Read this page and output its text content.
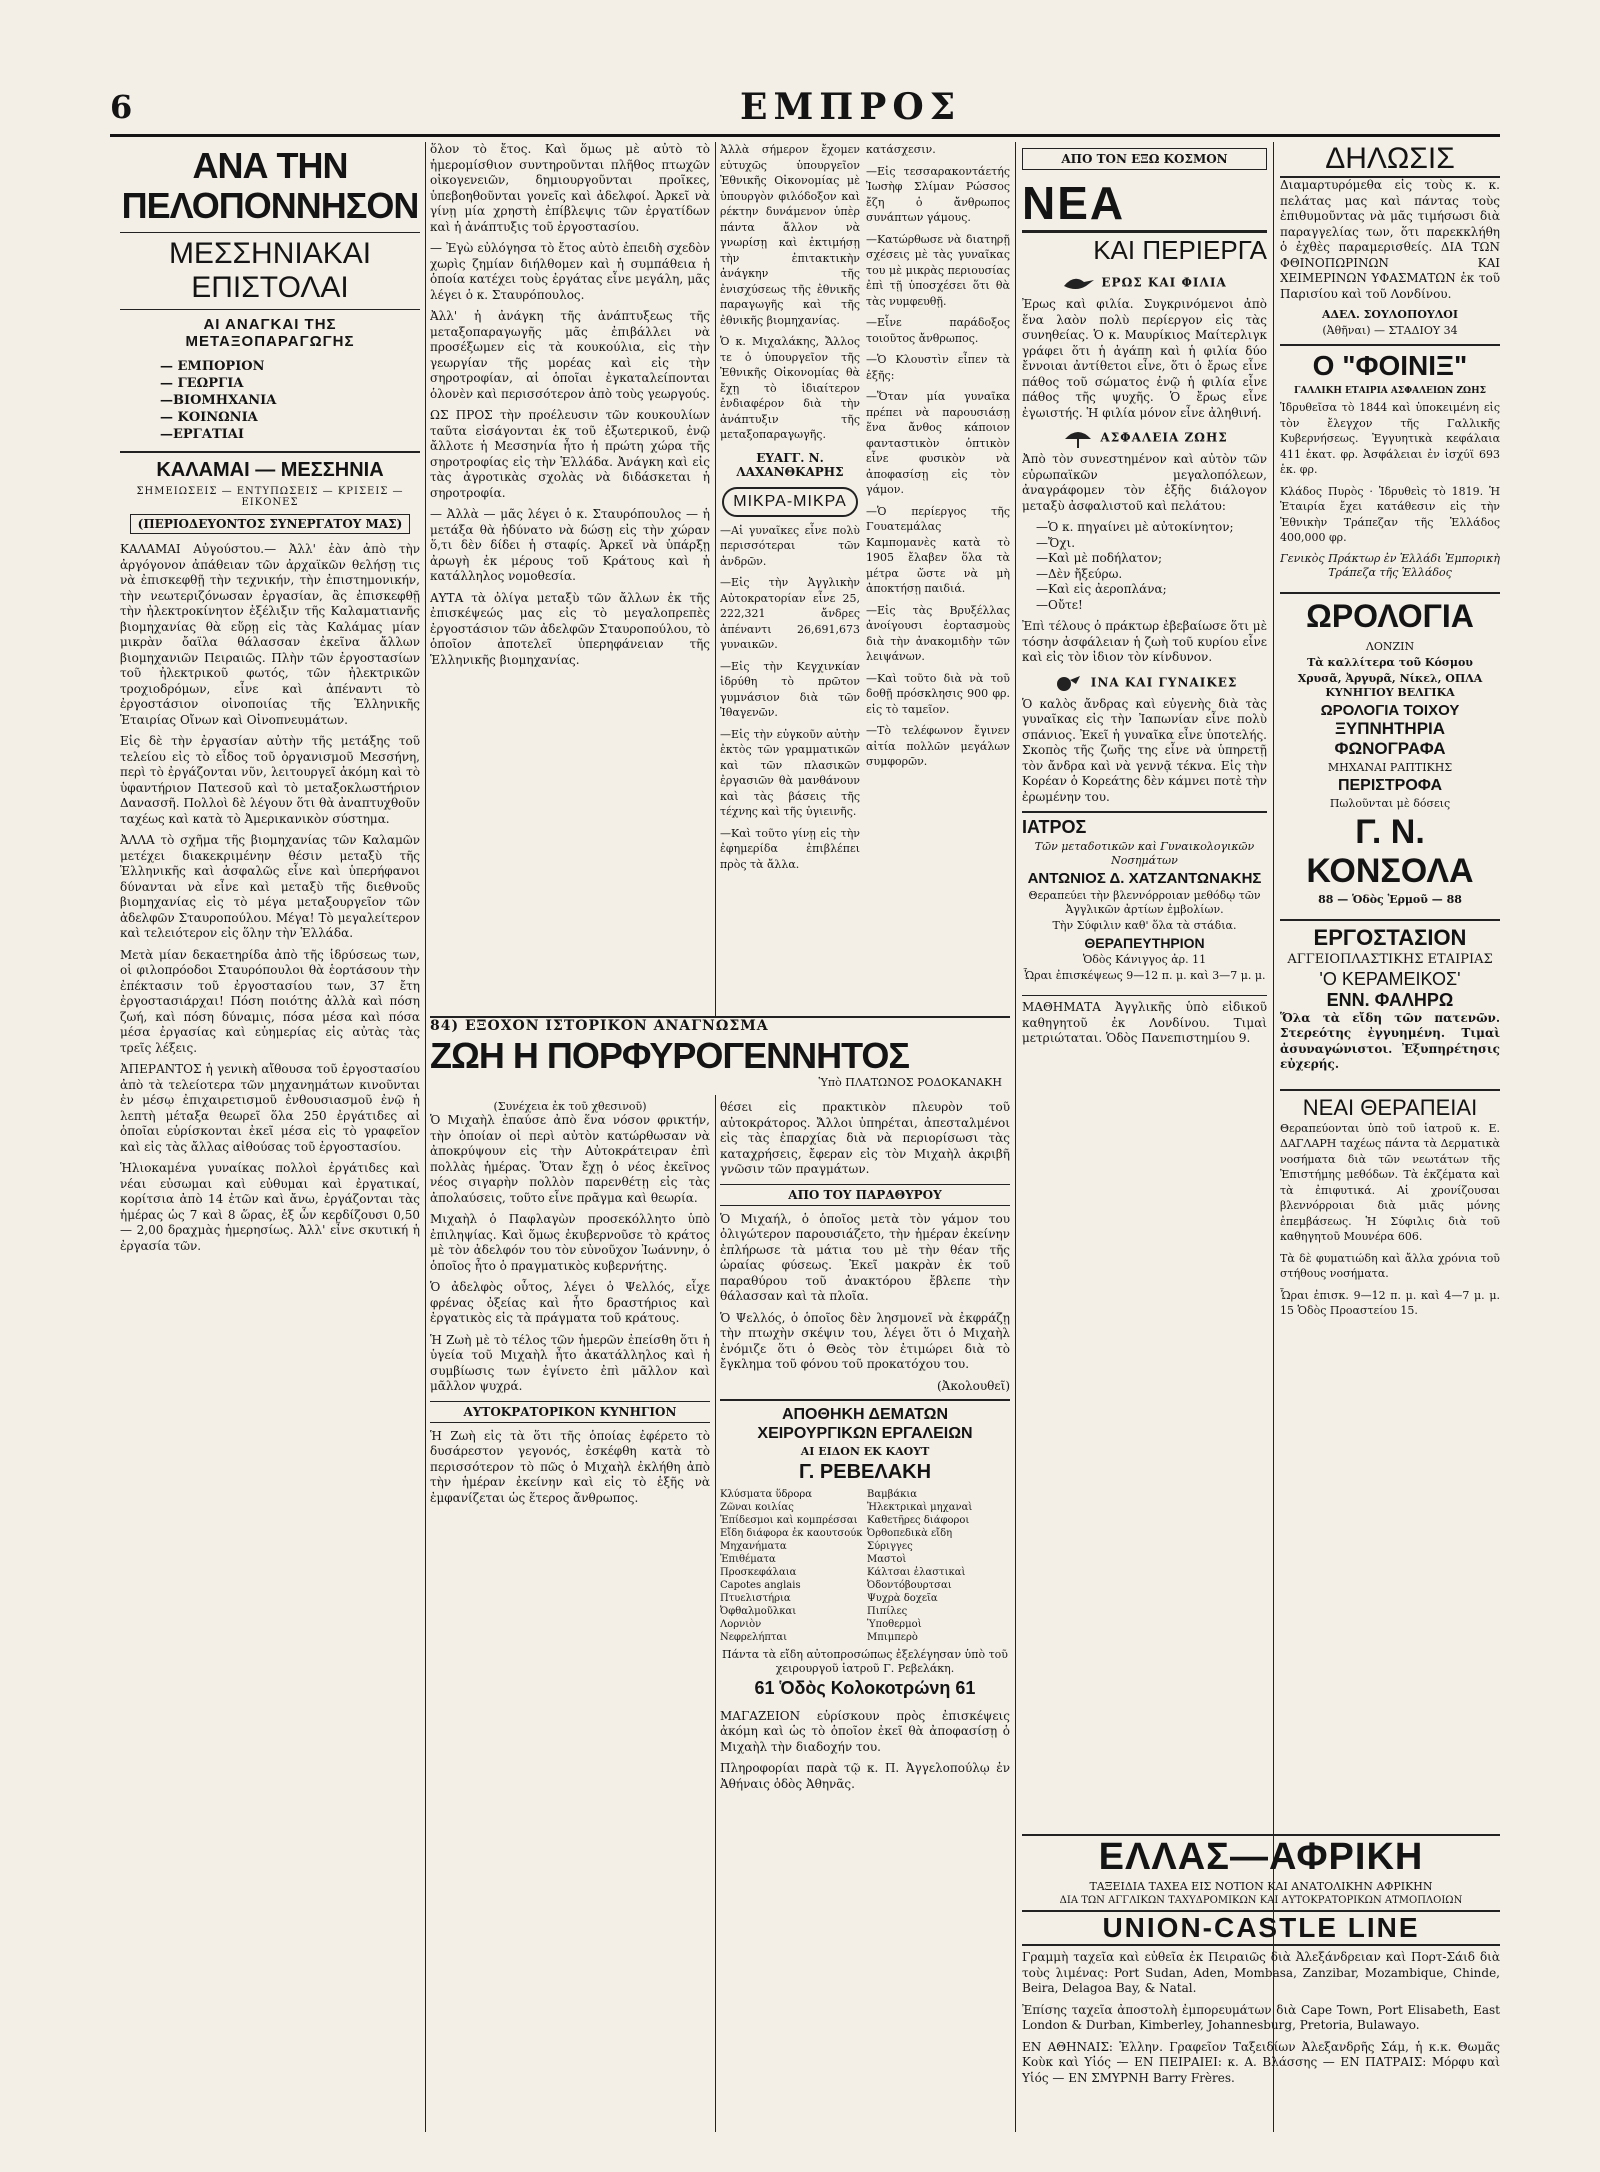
6	ΕΜΠΡΟΣ
ΑΝΑ ΤΗΝ ΠΕΛΟΠΟΝΝΗΣΟΝ
ΜΕΣΣΗΝΙΑΚΑΙ ΕΠΙΣΤΟΛΑΙ
ΑΙ ΑΝΑΓΚΑΙ ΤΗΣ ΜΕΤΑΞΟΠΑΡΑΓΩΓΗΣ
— ΕΜΠΟΡΙΟΝ
— ΓΕΩΡΓΙΑ
—ΒΙΟΜΗΧΑΝΙΑ
— ΚΟΙΝΩΝΙΑ
—ΕΡΓΑΤΙΑΙ
ΚΑΛΑΜΑΙ — ΜΕΣΣΗΝΙΑ
ΣΗΜΕΙΩΣΕΙΣ — ΕΝΤΥΠΩΣΕΙΣ — ΚΡΙΣΕΙΣ — ΕΙΚΟΝΕΣ
(ΠΕΡΙΟΔΕΥΟΝΤΟΣ ΣΥΝΕΡΓΑΤΟΥ ΜΑΣ)

ΚΑΛΑΜΑΙ Αὐγούστου.— Ἀλλ' ἐὰν ἀπὸ τὴν ἀργόγονον ἀπάθειαν τῶν ἀρχαϊκῶν θελήσῃ τις νὰ ἐπισκεφθῇ τὴν τεχνικήν, τὴν ἐπιστημονικήν, τὴν νεωτεριζόνωσαν ἐργασίαν, ἂς ἐπισκεφθῇ τὴν ἠλεκτροκίνητον ἐξέλιξιν τῆς Καλαματιανῆς βιομηχανίας θὰ εὕρῃ εἰς τὰς Καλάμας μίαν μικρὰν ὄαϊλα θάλασσαν ἐκεῖνα ἄλλων βιομηχανιῶν Πειραιῶς. Πλὴν τῶν ἐργοστασίων τοῦ ἠλεκτρικοῦ φωτός, τῶν ἠλεκτρικῶν τροχιοδρόμων, εἶνε καὶ ἀπέναντι τὸ ἐργοστάσιον οἰνοποιίας τῆς Ἑλληνικῆς Ἑταιρίας Οἴνων καὶ Οἰνοπνευμάτων.

Εἰς δὲ τὴν ἐργασίαν αὐτὴν τῆς μετάξης τοῦ τελείου εἰς τὸ εἶδος τοῦ ὀργανισμοῦ Μεσσήνη, περὶ τὸ ἐργάζονται νῦν, λειτουργεῖ ἀκόμη καὶ τὸ ὑφαντήριον Πατεσοῦ καὶ τὸ μεταξοκλωστήριον Δανασσῆ. Πολλοὶ δὲ λέγουν ὅτι θὰ ἀναπτυχθοῦν ταχέως καὶ κατὰ τὸ Ἀμερικανικὸν σύστημα.

ἈΛΛΑ τὸ σχῆμα τῆς βιομηχανίας τῶν Καλαμῶν μετέχει διακεκριμένην θέσιν μεταξὺ τῆς Ἑλληνικῆς καὶ ἀσφαλῶς εἶνε καὶ ὑπερήφανοι δύνανται νὰ εἶνε καὶ μεταξὺ τῆς διεθνοῦς βιομηχανίας εἰς τὸ μέγα μεταξουργεῖον τῶν ἀδελφῶν Σταυροπούλου. Μέγα! Τὸ μεγαλείτερον καὶ τελειότερον εἰς ὅλην τὴν Ἑλλάδα.

Μετὰ μίαν δεκαετηρίδα ἀπὸ τῆς ἱδρύσεως των, οἱ φιλοπρόοδοι Σταυρόπουλοι θὰ ἑορτάσουν τὴν ἐπέκτασιν τοῦ ἐργοστασίου των, 37 ἔτη ἐργοστασιάρχαι! Πόση ποιότης ἀλλὰ καὶ πόση ζωή, καὶ πόση δύναμις, πόσα μέσα καὶ πόσα μέσα ἐργασίας καὶ εὐημερίας εἰς αὐτὰς τὰς τρεῖς λέξεις.

ἈΠΕΡΑΝΤΟΣ ἡ γενικὴ αἴθουσα τοῦ ἐργοστασίου ἀπὸ τὰ τελείοτερα τῶν μηχανημάτων κινοῦνται ἐν μέσῳ ἐπιχαιρετισμοῦ ἐνθουσιασμοῦ ἐνῷ ἡ λεπτὴ μέταξα θεωρεῖ ὅλα 250 ἐργάτιδες αἱ ὁποῖαι εὑρίσκονται ἐκεῖ μέσα εἰς τὸ γραφεῖον καὶ εἰς τὰς ἄλλας αἰθούσας τοῦ ἐργοστασίου.

Ἡλιοκαμένα γυναίκας πολλοὶ ἐργάτιδες καὶ νέαι εὐσωμαι καὶ εὐθυμαι καὶ ἐργατικαί, κορίτσια ἀπὸ 14 ἐτῶν καὶ ἄνω, ἐργάζονται τὰς ἡμέρας ὡς 7 καὶ 8 ὥρας, ἐξ ὧν κερδίζουσι 0,50 — 2,00 δραχμὰς ἡμερησίως. Ἀλλ' εἶνε σκυτική ἡ ἐργασία τῶν.

ὅλον τὸ ἔτος. Καὶ ὅμως μὲ αὐτὸ τὸ ἡμερομίσθιον συντηροῦνται πλῆθος πτωχῶν οἰκογενειῶν, δημιουργοῦνται προῖκες, ὑπεβοηθοῦνται γονεῖς καὶ ἀδελφοί. Ἀρκεῖ νὰ γίνῃ μία χρηστὴ ἐπίβλεψις τῶν ἐργατίδων καὶ ἡ ἀνάπτυξις τοῦ ἐργοστασίου.

— Ἐγὼ εὐλόγησα τὸ ἔτος αὐτὸ ἐπειδὴ σχεδὸν χωρὶς ζημίαν διήλθομεν καὶ ἡ συμπάθεια ἡ ὁποία κατέχει τοὺς ἐργάτας εἶνε μεγάλη, μᾶς λέγει ὁ κ. Σταυρόπουλος.

Ἀλλ' ἡ ἀνάγκη τῆς ἀνάπτυξεως τῆς μεταξοπαραγωγῆς μᾶς ἐπιβάλλει νὰ προσέξωμεν εἰς τὰ κουκούλια, εἰς τὴν γεωργίαν τῆς μορέας καὶ εἰς τὴν σηροτροφίαν, αἱ ὁποῖαι ἐγκαταλείπονται ὁλονὲν καὶ περισσότερον ἀπὸ τοὺς γεωργούς.

ΩΣ ΠΡΟΣ τὴν προέλευσιν τῶν κουκουλίων ταῦτα εἰσάγονται ἐκ τοῦ ἐξωτερικοῦ, ἐνῷ ἄλλοτε ἡ Μεσσηνία ἦτο ἡ πρώτη χώρα τῆς σηροτροφίας εἰς τὴν Ἑλλάδα. Ἀνάγκη καὶ εἰς τὰς ἀγροτικὰς σχολὰς νὰ διδάσκεται ἡ σηροτροφία.

— Ἀλλὰ — μᾶς λέγει ὁ κ. Σταυρόπουλος — ἡ μετάξα θὰ ἠδύνατο νὰ δώσῃ εἰς τὴν χώραν ὅ,τι δὲν δίδει ἡ σταφίς. Ἀρκεῖ νὰ ὑπάρξῃ ἀρωγὴ ἐκ μέρους τοῦ Κράτους καὶ ἡ κατάλληλος νομοθεσία.

ΑΥΤΑ τὰ ὀλίγα μεταξὺ τῶν ἄλλων ἐκ τῆς ἐπισκέψεώς μας εἰς τὸ μεγαλοπρεπὲς ἐργοστάσιον τῶν ἀδελφῶν Σταυροπούλου, τὸ ὁποῖον ἀποτελεῖ ὑπερηφάνειαν τῆς Ἑλληνικῆς βιομηχανίας.

Ἀλλὰ σήμερον ἔχομεν εὐτυχῶς ὑπουργεῖον Ἐθνικῆς Οἰκονομίας μὲ ὑπουργὸν φιλόδοξον καὶ ρέκτην δυνάμενον ὑπὲρ πάντα ἄλλον νὰ γνωρίσῃ καὶ ἐκτιμήσῃ τὴν ἐπιτακτικὴν ἀνάγκην τῆς ἐνισχύσεως τῆς ἐθνικῆς παραγωγῆς καὶ τῆς ἐθνικῆς βιομηχανίας.

Ὁ κ. Μιχαλάκης, Ἄλλος τε ὁ ὑπουργεῖον τῆς Ἐθνικῆς Οἰκονομίας θὰ ἔχῃ τὸ ἰδιαίτερον ἐνδιαφέρον διὰ τὴν ἀνάπτυξιν τῆς μεταξοπαραγωγῆς.

ΕΥΑΓΓ. Ν. ΛΑΧΑΝΘΚΑΡΗΣ
ΜΙΚΡΑ-ΜΙΚΡΑ

—Αἱ γυναῖκες εἶνε πολὺ περισσότεραι τῶν ἀνδρῶν.

—Εἰς τὴν Ἀγγλικὴν Αὐτοκρατορίαν εἶνε 25, 222,321 ἄνδρες ἀπέναντι 26,691,673 γυναικῶν.

—Εἰς τὴν Κεγχινκίαν ἰδρύθη τὸ πρῶτον γυμνάσιον διὰ τῶν Ἰθαγενῶν.

—Εἰς τὴν εὐγκοῦν αὐτὴν ἐκτὸς τῶν γραμματικῶν καὶ τῶν πλασικῶν ἐργασιῶν θὰ μανθάνουν καὶ τὰς βάσεις τῆς τέχνης καὶ τῆς ὑγιεινῆς.

—Καὶ τοῦτο γίνῃ εἰς τὴν ἐφημερίδα ἐπιβλέπει πρὸς τὰ ἄλλα.

κατάσχεσιν.

—Εἰς τεσσαρακοντάετής Ἰωσὴφ Σλίμαν Ρώσσος ἔζη ὁ ἄνθρωπος συνάπτων γάμους.

—Κατώρθωσε νὰ διατηρῇ σχέσεις μὲ τὰς γυναῖκας του μὲ μικρὰς περιουσίας ἐπὶ τῇ ὑποσχέσει ὅτι θὰ τὰς νυμφευθῇ.

—Εἶνε παράδοξος τοιοῦτος ἄνθρωπος.

—Ὁ Κλουστὶν εἶπεν τὰ ἑξῆς:

—Ὅταν μία γυναῖκα πρέπει νὰ παρουσιάσῃ ἕνα ἄνθος κάποιον φανταστικὸν ὁπτικὸν εἶνε φυσικὸν νὰ ἀποφασίσῃ εἰς τὸν γάμον.

—Ὁ περίεργος τῆς Γουατεμάλας Καμπομανὲς κατὰ τὸ 1905 ἔλαβεν ὅλα τὰ μέτρα ὥστε νὰ μὴ ἀποκτήσῃ παιδιά.

—Εἰς τὰς Βρυξέλλας ἀνοίγουσι ἑορτασμοὺς διὰ τὴν ἀνακομιδὴν τῶν λειψάνων.

—Καὶ τοῦτο διὰ νὰ τοῦ δοθῇ πρόσκλησις 900 φρ. εἰς τὸ ταμεῖον.

—Τὸ τελέφωνον ἔγινεν αἰτία πολλῶν μεγάλων συμφορῶν.

84) ΕΞΟΧΟΝ ΙΣΤΟΡΙΚΟΝ ΑΝΑΓΝΩΣΜΑ
ΖΩΗ Η ΠΟΡΦΥΡΟΓΕΝΝΗΤΟΣ
Ὑπὸ ΠΛΑΤΩΝΟΣ ΡΟΔΟΚΑΝΑΚΗ
(Συνέχεια ἐκ τοῦ χθεσινοῦ)

Ὁ Μιχαὴλ ἐπαύσε ἀπὸ ἕνα νόσον φρικτήν, τὴν ὁποίαν οἱ περὶ αὐτὸν κατώρθωσαν νὰ ἀποκρύψουν εἰς τὴν Αὐτοκράτειραν ἐπὶ πολλὰς ἡμέρας. Ὅταν ἔχῃ ὁ νέος ἐκεῖνος νέος σιγαρὴν πολλὸν παρενθέτῃ εἰς τὰς ἀπολαύσεις, τοῦτο εἶνε πρᾶγμα καὶ θεωρία.

Μιχαὴλ ὁ Παφλαγὼν προσεκόλλητο ὑπὸ ἐπιληψίας. Καὶ ὅμως ἐκυβερνοῦσε τὸ κράτος μὲ τὸν ἀδελφόν του τὸν εὐνοῦχον Ἰωάννην, ὁ ὁποῖος ἦτο ὁ πραγματικὸς κυβερνήτης.

Ὁ ἀδελφὸς οὗτος, λέγει ὁ Ψελλός, εἶχε φρένας ὀξείας καὶ ἦτο δραστήριος καὶ ἐργατικὸς εἰς τὰ πράγματα τοῦ κράτους.

Ἡ Ζωὴ μὲ τὸ τέλος τῶν ἡμερῶν ἐπείσθη ὅτι ἡ ὑγεία τοῦ Μιχαὴλ ἦτο ἀκατάλληλος καὶ ἡ συμβίωσις των ἐγίνετο ἐπὶ μᾶλλον καὶ μᾶλλον ψυχρά.

ΑΥΤΟΚΡΑΤΟΡΙΚΟΝ ΚΥΝΗΓΙΟΝ

Ἡ Ζωὴ εἰς τὰ ὅτι τῆς ὁποίας ἐφέρετο τὸ δυσάρεστον γεγονός, ἐσκέφθη κατὰ τὸ περισσότερον τὸ πῶς ὁ Μιχαὴλ ἐκλήθη ἀπὸ τὴν ἡμέραν ἐκείνην καὶ εἰς τὸ ἑξῆς νὰ ἐμφανίζεται ὡς ἕτερος ἄνθρωπος.

θέσει εἰς πρακτικὸν πλευρὸν τοῦ αὐτοκράτορος. Ἄλλοι ὑπηρέται, ἀπεσταλμένοι εἰς τὰς ἐπαρχίας διὰ νὰ περιορίσωσι τὰς καταχρήσεις, ἔφεραν εἰς τὸν Μιχαὴλ ἀκριβῆ γνῶσιν τῶν πραγμάτων.

ΑΠΟ ΤΟΥ ΠΑΡΑΘΥΡΟΥ

Ὁ Μιχαήλ, ὁ ὁποῖος μετὰ τὸν γάμον του ὀλιγώτερον παρουσιάζετο, τὴν ἡμέραν ἐκείνην ἐπλήρωσε τὰ μάτια του μὲ τὴν θέαν τῆς ὡραίας φύσεως. Ἐκεῖ μακρὰν ἐκ τοῦ παραθύρου τοῦ ἀνακτόρου ἔβλεπε τὴν θάλασσαν καὶ τὰ πλοῖα.

Ὁ Ψελλός, ὁ ὁποῖος δὲν λησμονεῖ νὰ ἐκφράζῃ τὴν πτωχὴν σκέψιν του, λέγει ὅτι ὁ Μιχαὴλ ἐνόμιζε ὅτι ὁ Θεὸς τὸν ἐτιμώρει διὰ τὸ ἔγκλημα τοῦ φόνου τοῦ προκατόχου του.

(Ἀκολουθεῖ)
ΑΠΟΘΗΚΗ ΔΕΜΑΤΩΝ ΧΕΙΡΟΥΡΓΙΚΩΝ ΕΡΓΑΛΕΙΩΝ
ΑΙ ΕΙΔΟΝ ΕΚ ΚΑΟΥΤ
Γ. ΡΕΒΕΛΑΚΗ
Κλύσματα ὕδρορα
Ζῶναι κοιλίας
Ἐπίδεσμοι καὶ κομπρέσσαι
Εἴδη διάφορα ἐκ καουτσούκ
Μηχανήματα
Ἐπιθέματα
Προσκεφάλαια
Capotes anglais
Πτυελιστήρια
Ὀφθαλμοῦλκαι
Λορνιὸν
Νεφρελήπται
Βαμβάκια
Ἠλεκτρικαὶ μηχαναὶ
Καθετῆρες διάφοροι
Ὀρθοπεδικὰ εἴδη
Σύριγγες
Μαστοὶ
Κάλτσαι ἐλαστικαὶ
Ὀδοντόβουρτσαι
Ψυχρὰ δοχεῖα
Πιπίλες
Ὑποθερμοὶ
Μπιμπερὸ
Πάντα τὰ εἴδη αὐτοπροσώπως ἐξελέγησαν ὑπὸ τοῦ χειρουργοῦ ἰατροῦ Γ. Ρεβελάκη.
61 Ὁδὸς Κολοκοτρώνη 61

ΜΑΓΑΖΕΙΟΝ εὑρίσκουν πρὸς ἐπισκέψεις ἀκόμη καὶ ὡς τὸ ὁποῖον ἐκεῖ θὰ ἀποφασίσῃ ὁ Μιχαὴλ τὴν διαδοχήν του.

Πληροφορίαι παρὰ τῷ κ. Π. Ἀγγελοπούλῳ ἐν Ἀθήναις ὁδὸς Ἀθηνᾶς.

ΑΠΟ ΤΟΝ ΕΞΩ ΚΟΣΜΟΝ
ΝΕΑ
ΚΑΙ ΠΕΡΙΕΡΓΑ
ΕΡΩΣ ΚΑΙ ΦΙΛΙΑ

Ἐρως καὶ φιλία. Συγκρινόμενοι ἀπὸ ἕνα λαὸν πολὺ περίεργον εἰς τὰς συνηθείας. Ὁ κ. Μαυρίκιος Μαίτερλιγκ γράφει ὅτι ἡ ἀγάπη καὶ ἡ φιλία δύο ἔννοιαι ἀντίθετοι εἶνε, ὅτι ὁ ἔρως εἶνε πάθος τοῦ σώματος ἐνῷ ἡ φιλία εἶνε πάθος τῆς ψυχῆς. Ὁ ἔρως εἶνε ἐγωιστής. Ἡ φιλία μόνον εἶνε ἀληθινή.

ΑΣΦΑΛΕΙΑ ΖΩΗΣ

Ἀπὸ τὸν συνεστημένον καὶ αὐτὸν τῶν εὐρωπαϊκῶν μεγαλοπόλεων, ἀναγράφομεν τὸν ἑξῆς διάλογον μεταξὺ ἀσφαλιστοῦ καὶ πελάτου:

—Ὁ κ. πηγαίνει μὲ αὐτοκίνητον;
—Ὄχι.
—Καὶ μὲ ποδήλατον;
—Δὲν ἤξεύρω.
—Καὶ εἰς ἀεροπλάνα;
—Οὔτε!

Ἐπὶ τέλους ὁ πράκτωρ ἐβεβαίωσε ὅτι μὲ τόσην ἀσφάλειαν ἡ ζωὴ τοῦ κυρίου εἶνε καὶ εἰς τὸν ἰδιον τὸν κίνδυνον.

ΙΝΑ ΚΑΙ ΓΥΝΑΙΚΕΣ

Ὁ καλὸς ἄνδρας καὶ εὐγενὴς διὰ τὰς γυναῖκας εἰς τὴν Ἰαπωνίαν εἶνε πολὺ σπάνιος. Ἐκεῖ ἡ γυναῖκα εἶνε ὑποτελής. Σκοπὸς τῆς ζωῆς της εἶνε νὰ ὑπηρετῇ τὸν ἄνδρα καὶ νὰ γεννᾷ τέκνα. Εἰς τὴν Κορέαν ὁ Κορεάτης δὲν κάμνει ποτὲ τὴν ἐρωμένην του.

ΙΑΤΡΟΣ
Τῶν μεταδοτικῶν καὶ Γυναικολογικῶν Νοσημάτων
ΑΝΤΩΝΙΟΣ Δ. ΧΑΤΖΑΝΤΩΝΑΚΗΣ
Θεραπεύει τὴν βλεννόρροιαν μεθόδῳ τῶν Ἀγγλικῶν ἀρτίων ἐμβολίων.
Τὴν Σύφιλιν καθ' ὅλα τὰ στάδια.
ΘΕΡΑΠΕΥΤΗΡΙΟΝ
Ὁδὸς Κάνιγγος ἀρ. 11
Ὧραι ἐπισκέψεως 9—12 π. μ. καὶ 3—7 μ. μ.

ΜΑΘΗΜΑΤΑ Ἀγγλικῆς ὑπὸ εἰδικοῦ καθηγητοῦ ἐκ Λονδίνου. Τιμαὶ μετριώταται. Ὁδὸς Πανεπιστημίου 9.

ΔΗΛΩΣΙΣ

Διαμαρτυρόμεθα εἰς τοὺς κ. κ. πελάτας μας καὶ πάντας τοὺς ἐπιθυμοῦντας νὰ μᾶς τιμήσωσι διὰ παραγγελίας των, ὅτι παρεκκλήθη ὁ ἐχθὲς παραμερισθείς. ΔΙΑ ΤΩΝ ΦΘΙΝΟΠΩΡΙΝΩΝ ΚΑΙ ΧΕΙΜΕΡΙΝΩΝ ΥΦΑΣΜΑΤΩΝ ἐκ τοῦ Παρισίου καὶ τοῦ Λονδίνου.

ΑΔΕΛ. ΣΟΥΛΟΠΟΥΛΟΙ
(Ἀθῆναι) — ΣΤΑΔΙΟΥ 34
Ο "ΦΟΙΝΙΞ"
ΓΑΛΛΙΚΗ ΕΤΑΙΡΙΑ ΑΣΦΑΛΕΙΩΝ ΖΩΗΣ

Ἱδρυθεῖσα τὸ 1844 καὶ ὑποκειμένη εἰς τὸν ἔλεγχον τῆς Γαλλικῆς Κυβερνήσεως. Ἐγγυητικὰ κεφάλαια 411 ἑκατ. φρ. Ἀσφάλειαι ἐν ἰσχύϊ 693 ἑκ. φρ.

Κλάδος Πυρὸς · Ἱδρυθεὶς τὸ 1819. Ἡ Ἑταιρία ἔχει κατάθεσιν εἰς τὴν Ἐθνικὴν Τράπεζαν τῆς Ἑλλάδος 400,000 φρ.

Γενικὸς Πράκτωρ ἐν Ἑλλάδι Ἐμπορικὴ Τράπεζα τῆς Ἑλλάδος
ΩΡΟΛΟΓΙΑ ΛΟΝΖΙΝ
Τὰ καλλίτερα τοῦ Κόσμου
Χρυσᾶ, Ἀργυρᾶ, Νίκελ, ΟΠΛΑ ΚΥΝΗΓΙΟΥ ΒΕΛΓΙΚΑ
ΩΡΟΛΟΓΙΑ ΤΟΙΧΟΥ
ΞΥΠΝΗΤΗΡΙΑ
ΦΩΝΟΓΡΑΦΑ
ΜΗΧΑΝΑΙ ΡΑΠΤΙΚΗΣ
ΠΕΡΙΣΤΡΟΦΑ
Πωλοῦνται μὲ δόσεις
Γ. Ν. ΚΟΝΣΟΛΑ
88 — Ὁδὸς Ἑρμοῦ — 88
ΕΡΓΟΣΤΑΣΙΟΝ
ΑΓΓΕΙΟΠΛΑΣΤΙΚΗΣ ΕΤΑΙΡΙΑΣ
'Ο ΚΕΡΑΜΕΙΚΟΣ'
ΕΝΝ. ΦΑΛΗΡΩ

Ὅλα τὰ εἴδη τῶν πατενῶν. Στερεότης ἐγγυημένη. Τιμαὶ ἀσυναγώνιστοι. Ἐξυπηρέτησις εὐχερής.

ΝΕΑΙ ΘΕΡΑΠΕΙΑΙ

Θεραπεύονται ὑπὸ τοῦ ἰατροῦ κ. Ε. ΔΑΓΛΑΡΗ ταχέως πάντα τὰ Δερματικὰ νοσήματα διὰ τῶν νεωτάτων τῆς Ἐπιστήμης μεθόδων. Τὰ ἐκζέματα καὶ τὰ ἐπιφυτικά. Αἱ χρονίζουσαι βλεννόρροιαι διὰ μιᾶς μόνης ἐπεμβάσεως. Ἡ Σύφιλις διὰ τοῦ καθηγητοῦ Μουνέρα 606.

Τὰ δὲ φυματιώδη καὶ ἄλλα χρόνια τοῦ στήθους νοσήματα.

Ὧραι ἐπισκ. 9—12 π. μ. καὶ 4—7 μ. μ. 15 Ὁδὸς Προαστείου 15.

ΕΛΛΑΣ—ΑΦΡΙΚΗ
ΤΑΞΕΙΔΙΑ ΤΑΧΕΑ ΕΙΣ ΝΟΤΙΟΝ ΚΑΙ ΑΝΑΤΟΛΙΚΗΝ ΑΦΡΙΚΗΝ
ΔΙΑ ΤΩΝ ΑΓΓΛΙΚΩΝ ΤΑΧΥΔΡΟΜΙΚΩΝ ΚΑΙ ΑΥΤΟΚΡΑΤΟΡΙΚΩΝ ΑΤΜΟΠΛΟΙΩΝ
UNION-CASTLE LINE

Γραμμὴ ταχεῖα καὶ εὐθεῖα ἐκ Πειραιῶς διὰ Ἀλεξάνδρειαν καὶ Πορτ-Σάιδ διὰ τοὺς λιμένας: Port Sudan, Aden, Mombasa, Zanzibar, Mozambique, Chinde, Beira, Delagoa Bay, & Natal.

Ἐπίσης ταχεῖα ἀποστολὴ ἐμπορευμάτων διὰ Cape Town, Port Elisabeth, East London & Durban, Kimberley, Johannesburg, Pretoria, Bulawayo.

ΕΝ ΑΘΗΝΑΙΣ: Ἑλλην. Γραφεῖον Ταξειδίων Ἀλεξανδρῆς Σάμ, ἡ κ.κ. Θωμᾶς Κοὺκ καὶ Υἱός — ΕΝ ΠΕΙΡΑΙΕΙ: κ. Α. Βλάσσης — ΕΝ ΠΑΤΡΑΙΣ: Μόρφυ καὶ Υἱός — ΕΝ ΣΜΥΡΝΗ Barry Frères.
